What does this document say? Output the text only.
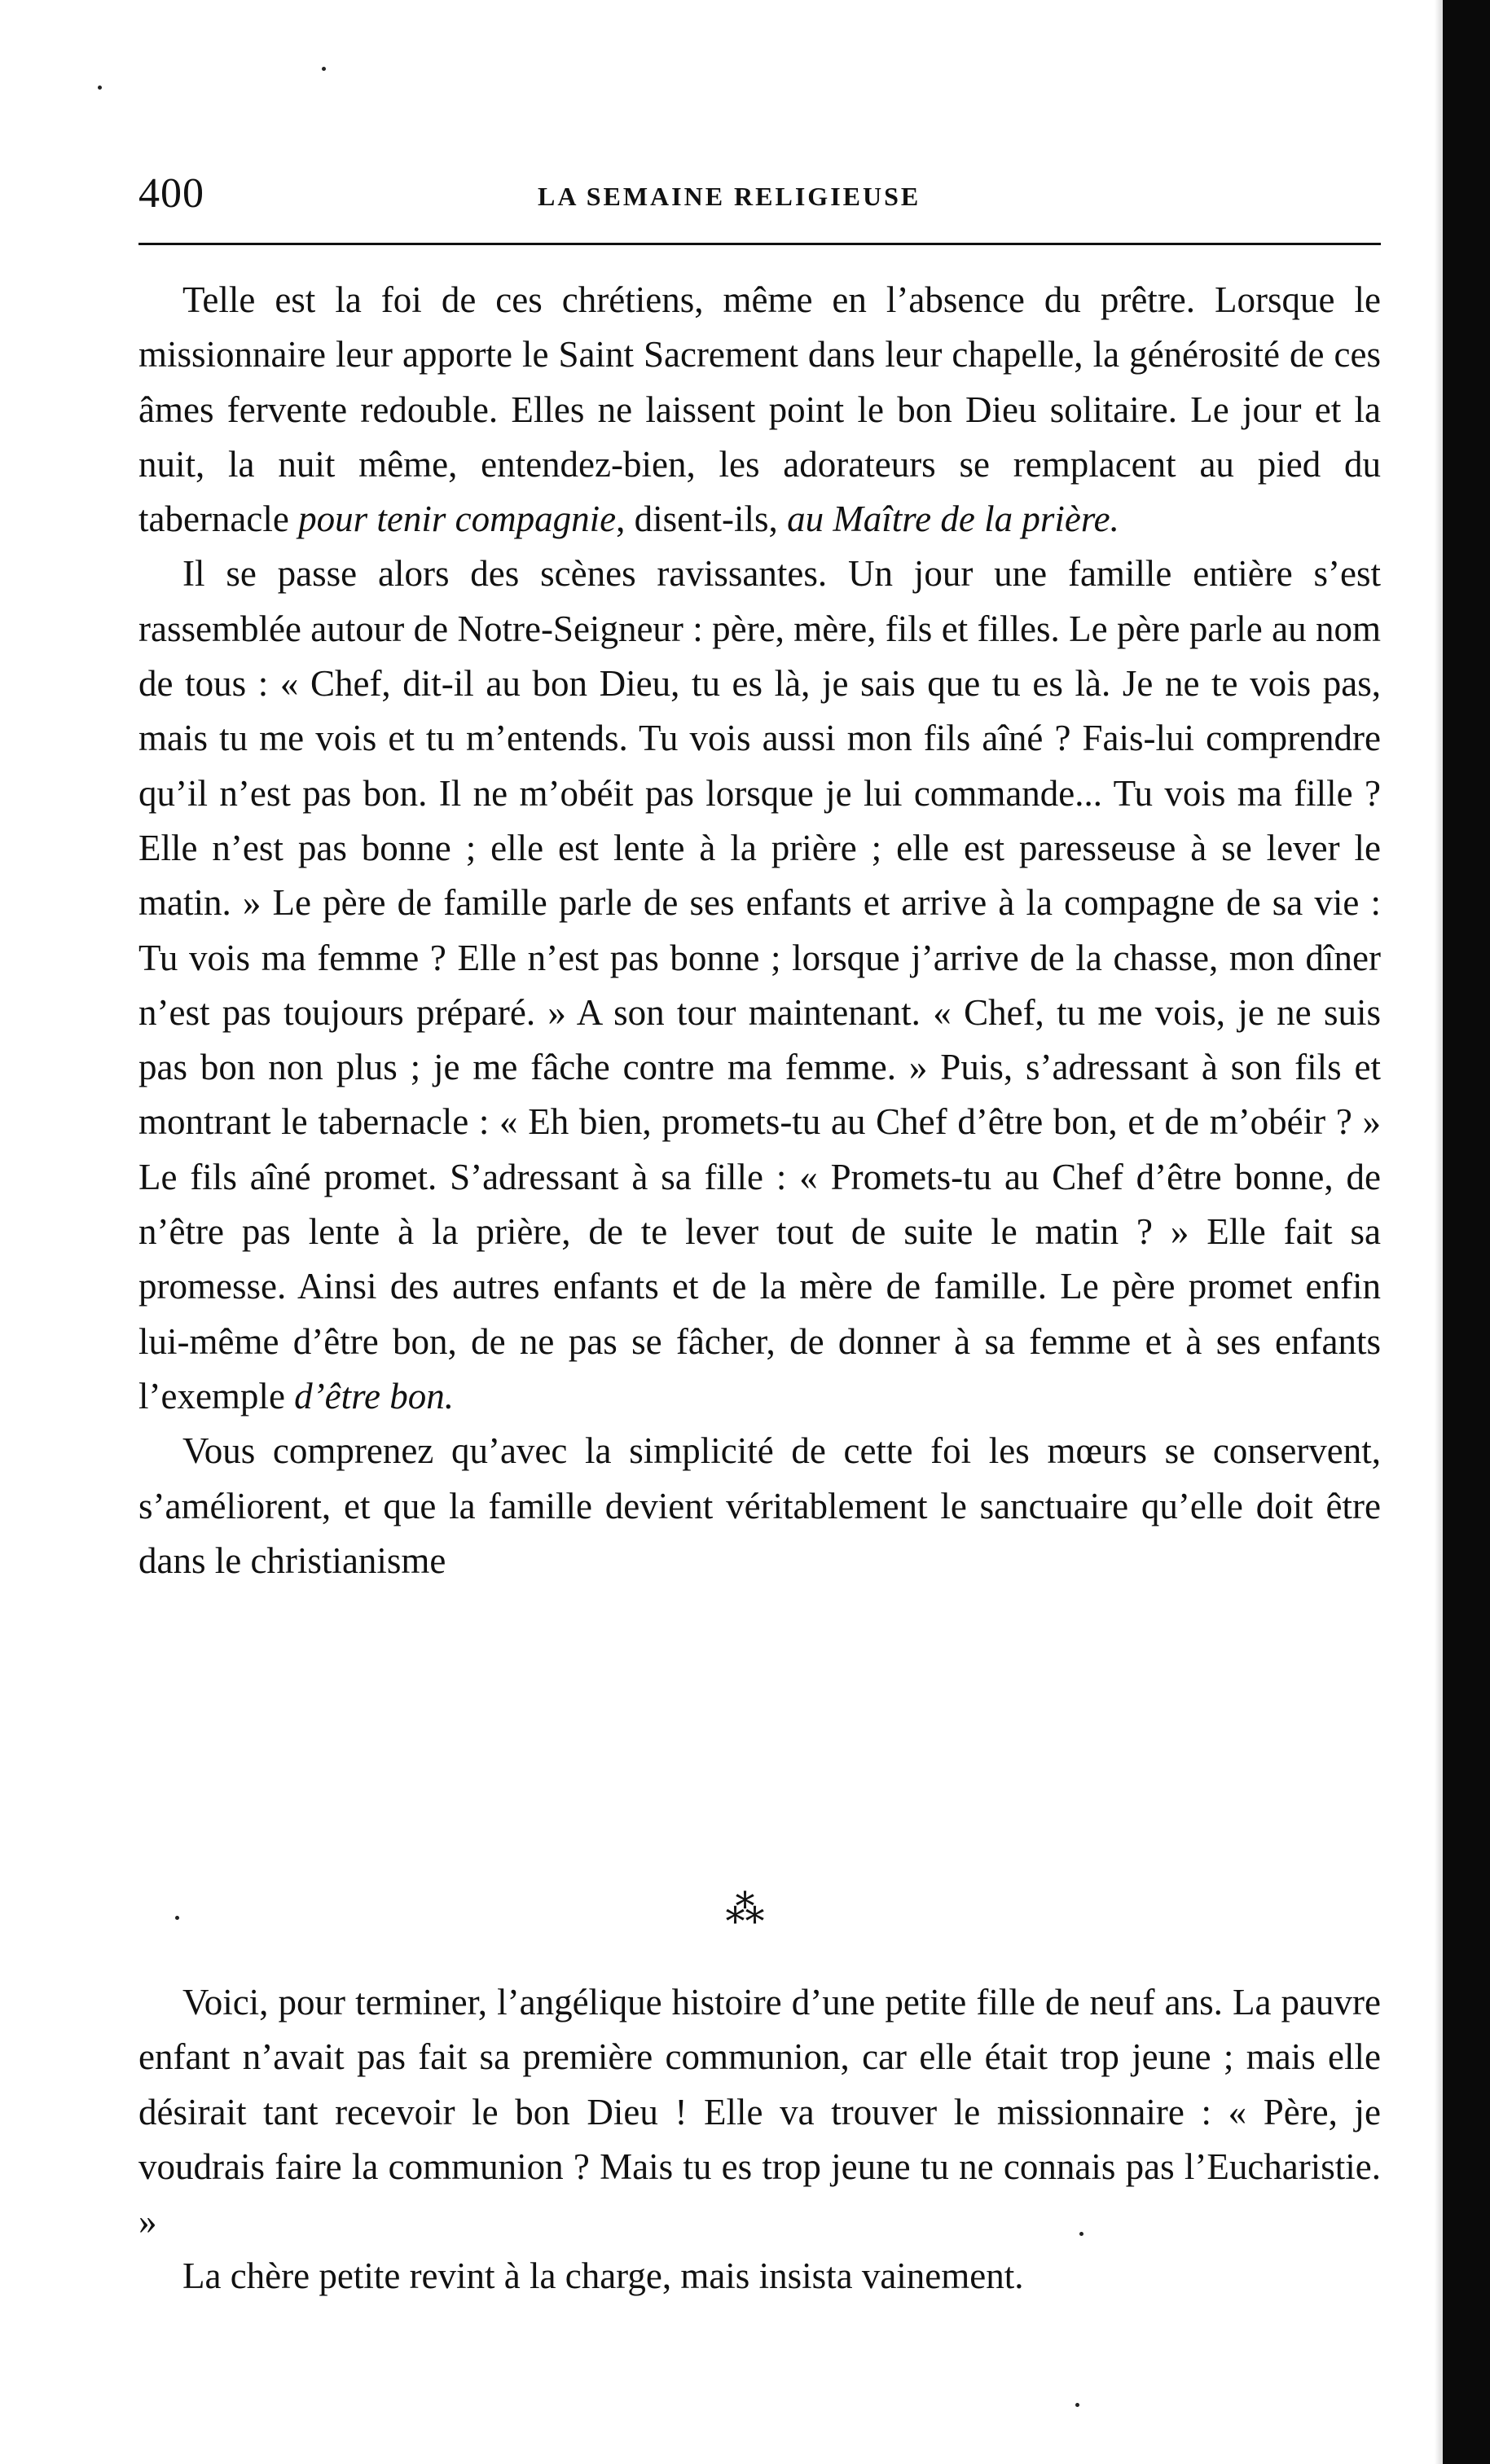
400	LA SEMAINE RELIGIEUSE

Telle est la foi de ces chrétiens, même en l’absence du prêtre. Lorsque le missionnaire leur apporte le Saint Sacrement dans leur chapelle, la générosité de ces âmes fervente redouble. Elles ne laissent point le bon Dieu solitaire. Le jour et la nuit, la nuit même, entendez-bien, les adorateurs se remplacent au pied du tabernacle pour tenir compagnie, disent-ils, au Maître de la prière.

Il se passe alors des scènes ravissantes. Un jour une famille entière s’est rassemblée autour de Notre-Seigneur : père, mère, fils et filles. Le père parle au nom de tous : « Chef, dit-il au bon Dieu, tu es là, je sais que tu es là. Je ne te vois pas, mais tu me vois et tu m’entends. Tu vois aussi mon fils aîné ? Fais-lui comprendre qu’il n’est pas bon. Il ne m’obéit pas lorsque je lui commande... Tu vois ma fille ? Elle n’est pas bonne ; elle est lente à la prière ; elle est paresseuse à se lever le matin. » Le père de famille parle de ses enfants et arrive à la compagne de sa vie : Tu vois ma femme ? Elle n’est pas bonne ; lorsque j’arrive de la chasse, mon dîner n’est pas toujours préparé. » A son tour maintenant. « Chef, tu me vois, je ne suis pas bon non plus ; je me fâche contre ma femme. » Puis, s’adressant à son fils et montrant le tabernacle : « Eh bien, promets-tu au Chef d’être bon, et de m’obéir ? » Le fils aîné promet. S’adressant à sa fille : « Promets-tu au Chef d’être bonne, de n’être pas lente à la prière, de te lever tout de suite le matin ? » Elle fait sa promesse. Ainsi des autres enfants et de la mère de famille. Le père promet enfin lui-même d’être bon, de ne pas se fâcher, de donner à sa femme et à ses enfants l’exemple d’être bon.

Vous comprenez qu’avec la simplicité de cette foi les mœurs se conservent, s’améliorent, et que la famille devient véritablement le sanctuaire qu’elle doit être dans le christianisme

⁂

Voici, pour terminer, l’angélique histoire d’une petite fille de neuf ans. La pauvre enfant n’avait pas fait sa première communion, car elle était trop jeune ; mais elle désirait tant recevoir le bon Dieu ! Elle va trouver le missionnaire : « Père, je voudrais faire la communion ? Mais tu es trop jeune tu ne connais pas l’Eucharistie. »

La chère petite revint à la charge, mais insista vainement.
